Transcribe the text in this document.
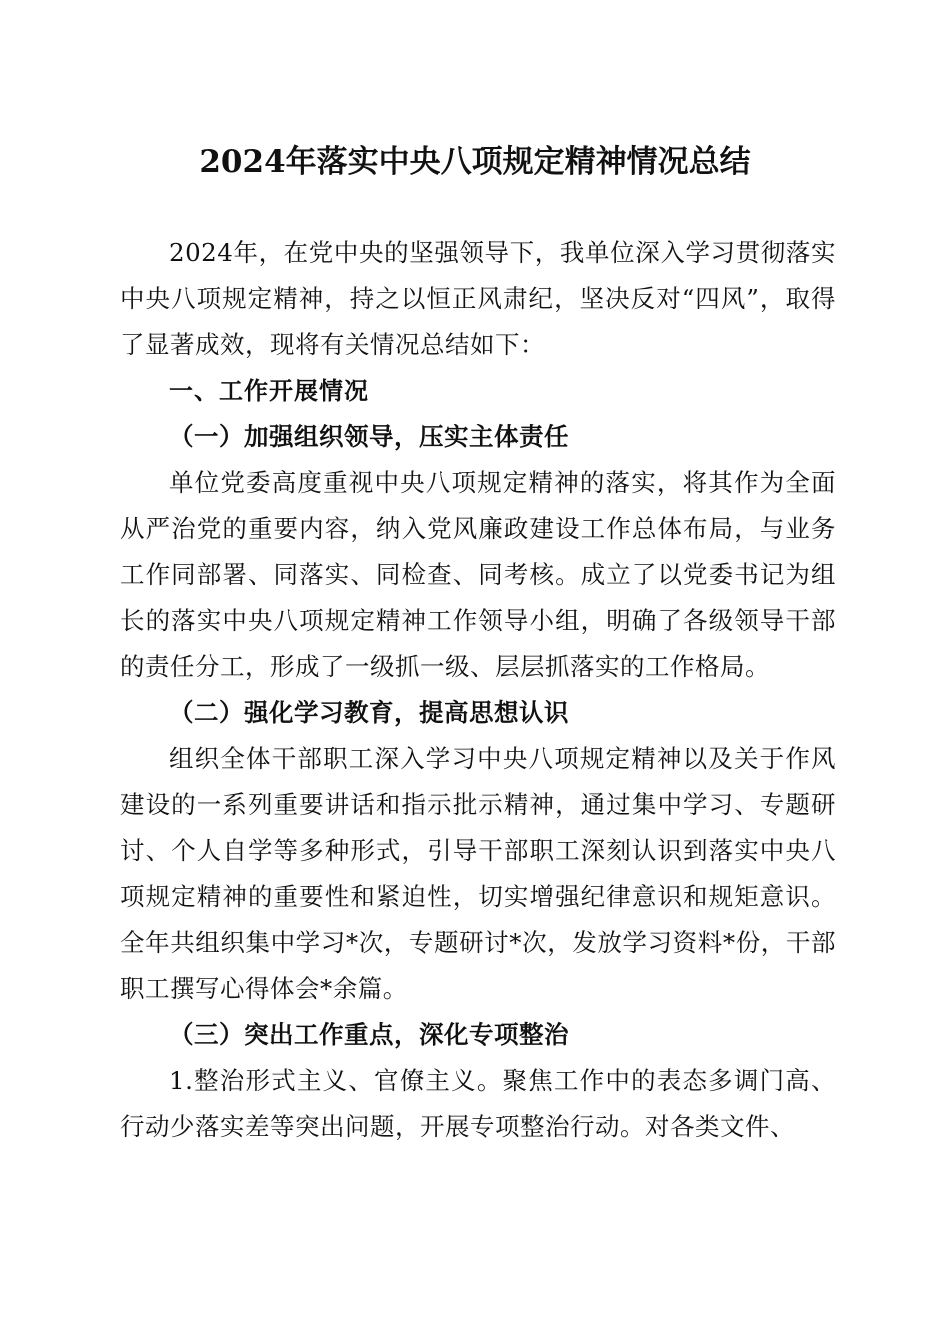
2024年落实中央八项规定精神情况总结

2024年，在党中央的坚强领导下，我单位深入学习贯彻落实中央八项规定精神，持之以恒正风肃纪，坚决反对“四风”，取得了显著成效，现将有关情况总结如下：

一、工作开展情况

（一）加强组织领导，压实主体责任

单位党委高度重视中央八项规定精神的落实，将其作为全面从严治党的重要内容，纳入党风廉政建设工作总体布局，与业务工作同部署、同落实、同检查、同考核。成立了以党委书记为组长的落实中央八项规定精神工作领导小组，明确了各级领导干部的责任分工，形成了一级抓一级、层层抓落实的工作格局。

（二）强化学习教育，提高思想认识

组织全体干部职工深入学习中央八项规定精神以及关于作风建设的一系列重要讲话和指示批示精神，通过集中学习、专题研讨、个人自学等多种形式，引导干部职工深刻认识到落实中央八项规定精神的重要性和紧迫性，切实增强纪律意识和规矩意识。全年共组织集中学习*次，专题研讨*次，发放学习资料*份，干部职工撰写心得体会*余篇。

（三）突出工作重点，深化专项整治

1.整治形式主义、官僚主义。聚焦工作中的表态多调门高、行动少落实差等突出问题，开展专项整治行动。对各类文件、
